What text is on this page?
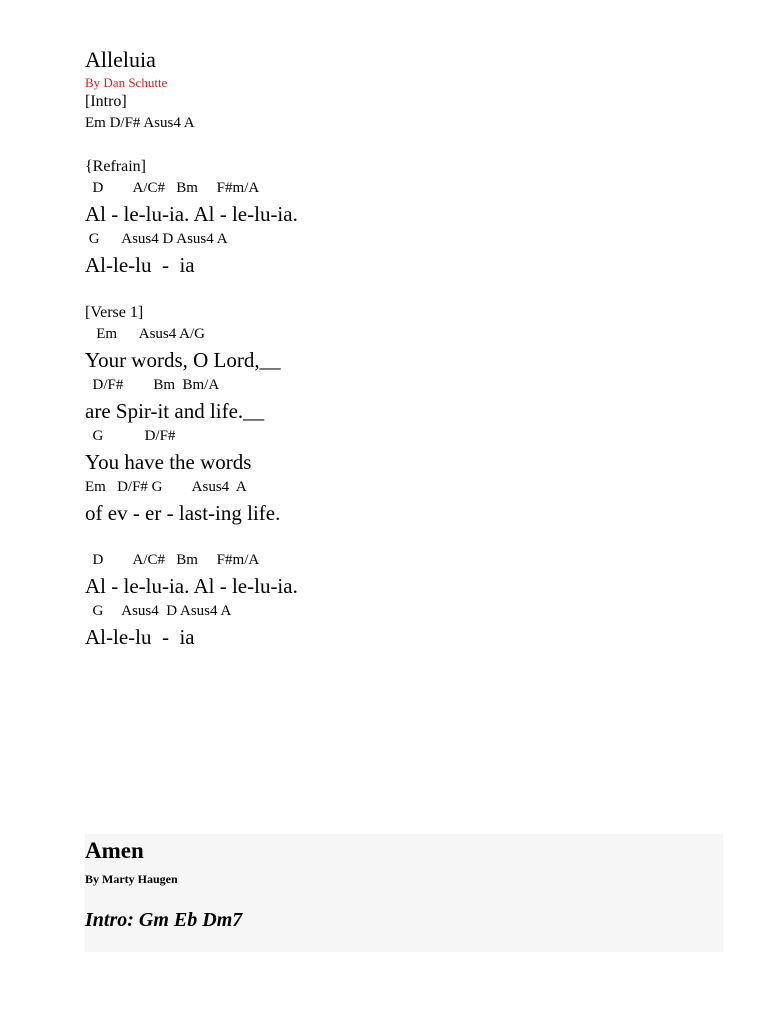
Alleluia
By Dan Schutte
[Intro]
Em D/F# Asus4 A
{Refrain]
D        A/C#   Bm     F#m/A
Al - le-lu-ia. Al - le-lu-ia.
G      Asus4 D Asus4 A
Al-le-lu  -  ia
[Verse 1]
Em      Asus4 A/G
Your words, O Lord,__
D/F#        Bm  Bm/A
are Spir-it and life.__
G           D/F#
You have the words
Em   D/F# G        Asus4  A
of ev - er - last-ing life.
D        A/C#   Bm     F#m/A
Al - le-lu-ia. Al - le-lu-ia.
G     Asus4  D Asus4 A
Al-le-lu  -  ia
Amen
By Marty Haugen
Intro: Gm Eb Dm7
